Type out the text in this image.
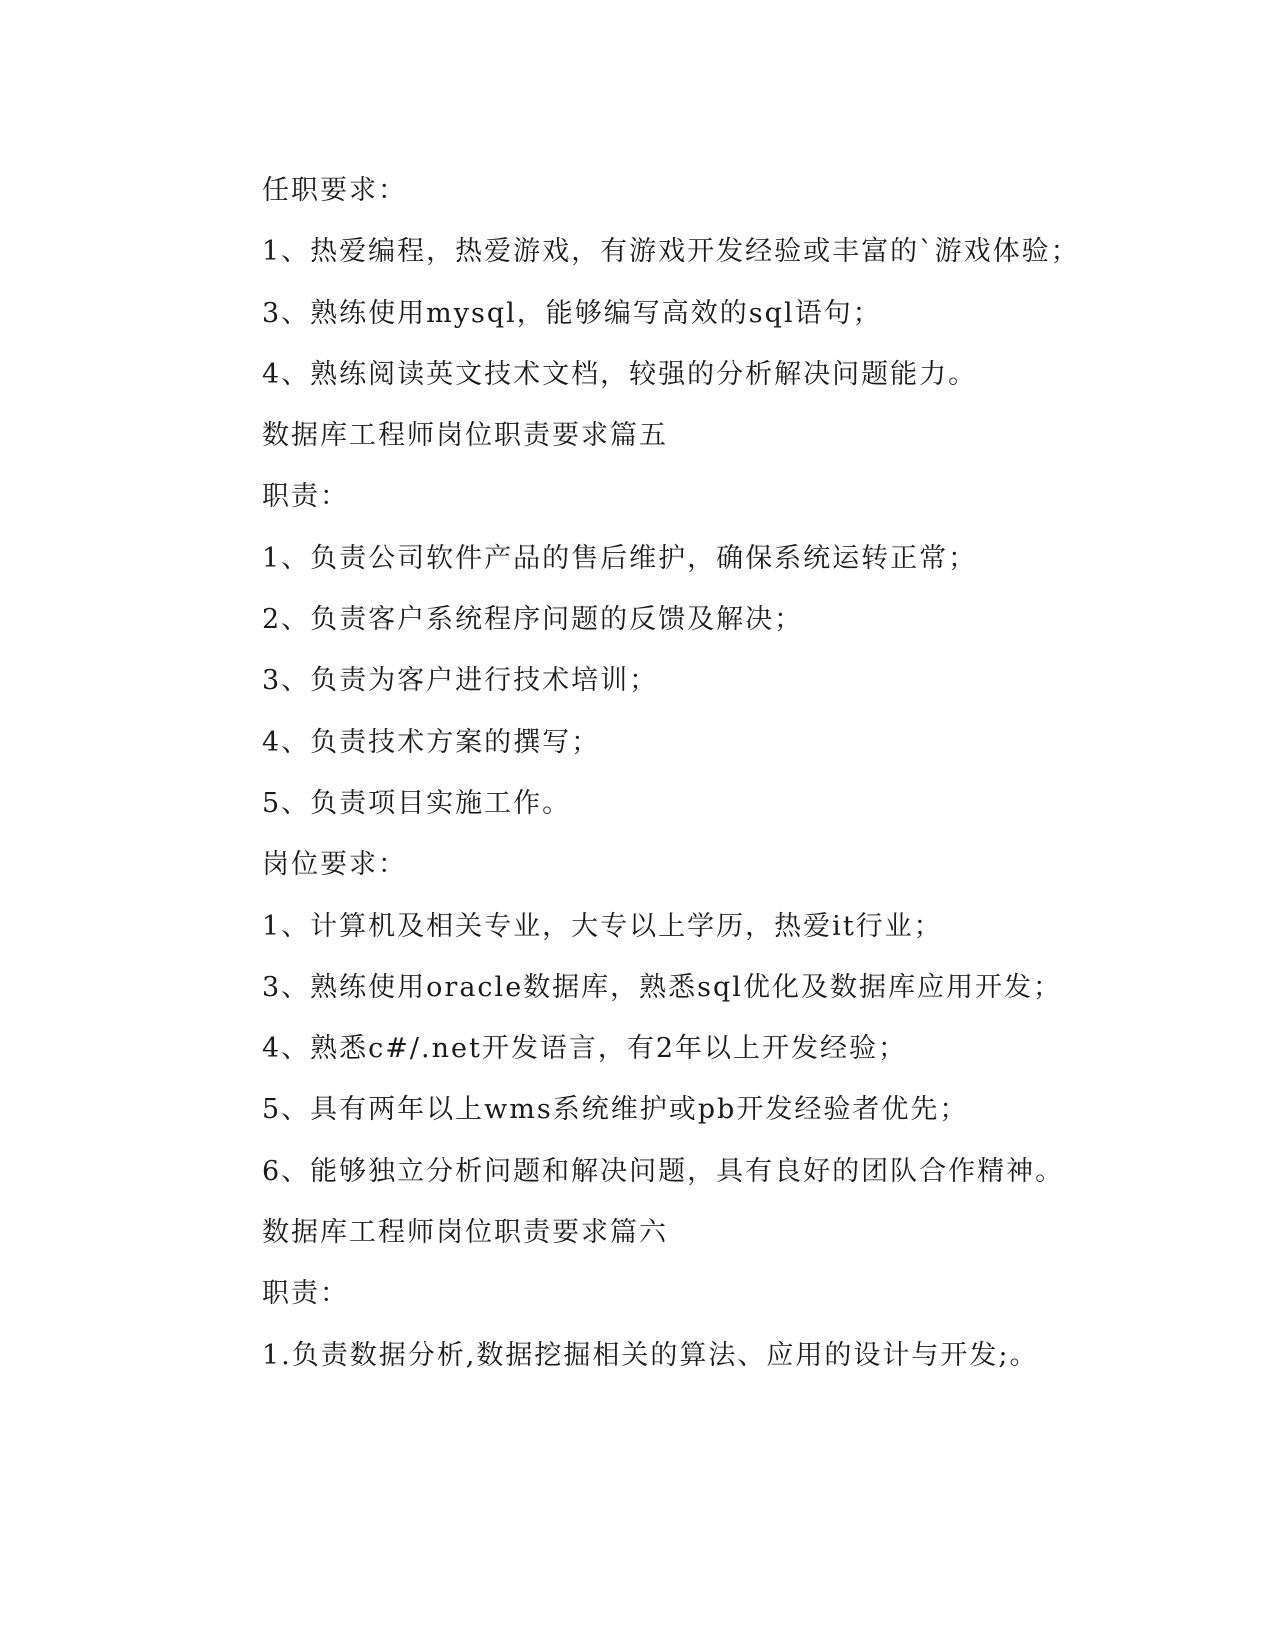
任职要求：
1、热爱编程，热爱游戏，有游戏开发经验或丰富的`游戏体验；
3、熟练使用mysql，能够编写高效的sql语句；
4、熟练阅读英文技术文档，较强的分析解决问题能力。
数据库工程师岗位职责要求篇五
职责：
1、负责公司软件产品的售后维护，确保系统运转正常；
2、负责客户系统程序问题的反馈及解决；
3、负责为客户进行技术培训；
4、负责技术方案的撰写；
5、负责项目实施工作。
岗位要求：
1、计算机及相关专业，大专以上学历，热爱it行业；
3、熟练使用oracle数据库，熟悉sql优化及数据库应用开发；
4、熟悉c#/.net开发语言，有2年以上开发经验；
5、具有两年以上wms系统维护或pb开发经验者优先；
6、能够独立分析问题和解决问题，具有良好的团队合作精神。
数据库工程师岗位职责要求篇六
职责：
1.负责数据分析,数据挖掘相关的算法、应用的设计与开发;。
